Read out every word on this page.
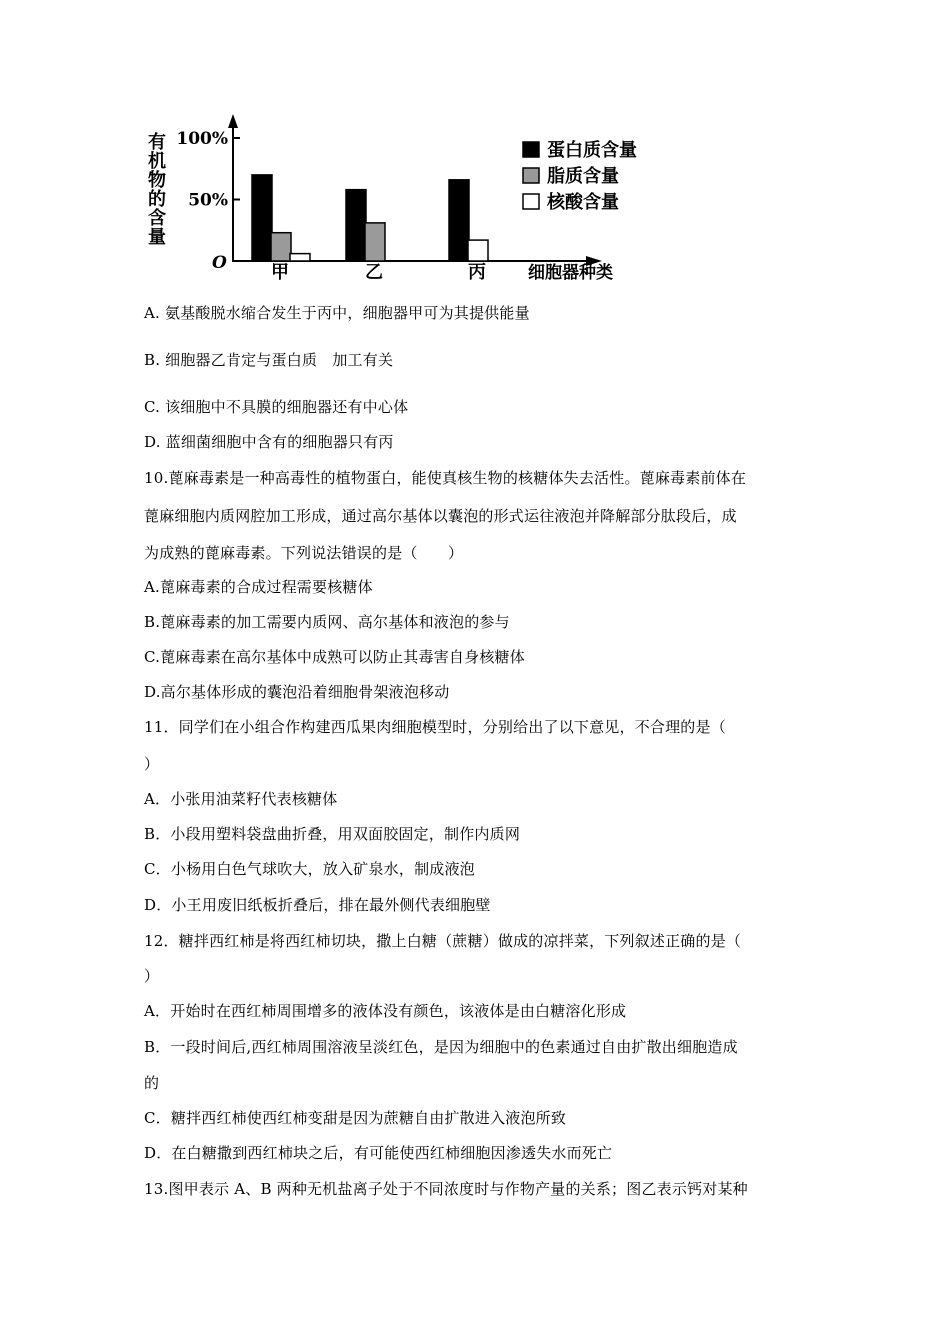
有
机
物
的
含
量
O
100%
50%
甲	乙	丙 细胞器种类
蛋白质含量
脂质含量
核酸含量
A. 氨基酸脱水缩合发生于丙中，细胞器甲可为其提供能量
B. 细胞器乙肯定与蛋白质　加工有关
C. 该细胞中不具膜的细胞器还有中心体
D. 蓝细菌细胞中含有的细胞器只有丙
10.蓖麻毒素是一种高毒性的植物蛋白，能使真核生物的核糖体失去活性。蓖麻毒素前体在
蓖麻细胞内质网腔加工形成，通过高尔基体以囊泡的形式运往液泡并降解部分肽段后，成
为成熟的蓖麻毒素。下列说法错误的是（　　）
A.蓖麻毒素的合成过程需要核糖体
B.蓖麻毒素的加工需要内质网、高尔基体和液泡的参与
C.蓖麻毒素在高尔基体中成熟可以防止其毒害自身核糖体
D.高尔基体形成的囊泡沿着细胞骨架液泡移动
11．同学们在小组合作构建西瓜果肉细胞模型时，分别给出了以下意见，不合理的是（
）
A．小张用油菜籽代表核糖体
B．小段用塑料袋盘曲折叠，用双面胶固定，制作内质网
C．小杨用白色气球吹大，放入矿泉水，制成液泡
D．小王用废旧纸板折叠后，排在最外侧代表细胞壁
12．糖拌西红柿是将西红柿切块，撒上白糖（蔗糖）做成的凉拌菜，下列叙述正确的是（
）
A．开始时在西红柿周围增多的液体没有颜色，该液体是由白糖溶化形成
B．一段时间后,西红柿周围溶液呈淡红色，是因为细胞中的色素通过自由扩散出细胞造成
的
C．糖拌西红柿使西红柿变甜是因为蔗糖自由扩散进入液泡所致
D．在白糖撒到西红柿块之后，有可能使西红柿细胞因渗透失水而死亡
13.图甲表示 A、B 两种无机盐离子处于不同浓度时与作物产量的关系；图乙表示钙对某种
